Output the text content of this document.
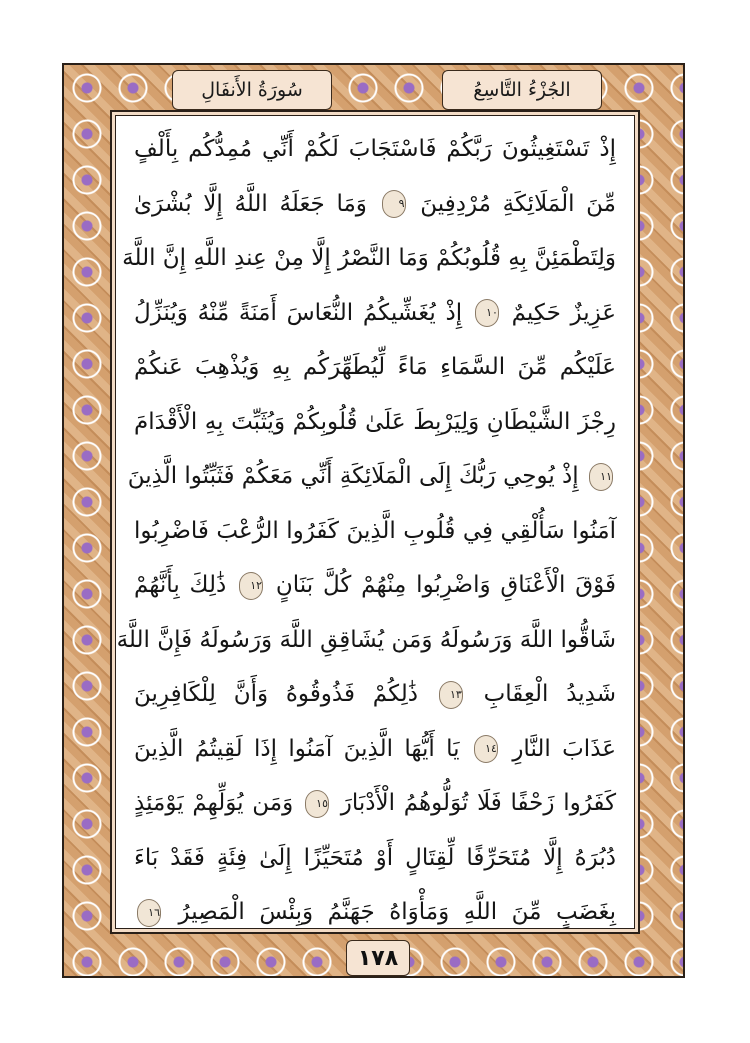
سُورَةُ الأَنفَالِ	الجُزْءُ التَّاسِعُ
إِذْ تَسْتَغِيثُونَ رَبَّكُمْ فَاسْتَجَابَ لَكُمْ أَنِّي مُمِدُّكُم بِأَلْفٍ
مِّنَ الْمَلَائِكَةِ مُرْدِفِينَ ٩ وَمَا جَعَلَهُ اللَّهُ إِلَّا بُشْرَىٰ
وَلِتَطْمَئِنَّ بِهِ قُلُوبُكُمْ وَمَا النَّصْرُ إِلَّا مِنْ عِندِ اللَّهِ إِنَّ اللَّهَ
عَزِيزٌ حَكِيمٌ ١٠ إِذْ يُغَشِّيكُمُ النُّعَاسَ أَمَنَةً مِّنْهُ وَيُنَزِّلُ
عَلَيْكُم مِّنَ السَّمَاءِ مَاءً لِّيُطَهِّرَكُم بِهِ وَيُذْهِبَ عَنكُمْ
رِجْزَ الشَّيْطَانِ وَلِيَرْبِطَ عَلَىٰ قُلُوبِكُمْ وَيُثَبِّتَ بِهِ الْأَقْدَامَ
١١ إِذْ يُوحِي رَبُّكَ إِلَى الْمَلَائِكَةِ أَنِّي مَعَكُمْ فَثَبِّتُوا الَّذِينَ
آمَنُوا سَأُلْقِي فِي قُلُوبِ الَّذِينَ كَفَرُوا الرُّعْبَ فَاضْرِبُوا
فَوْقَ الْأَعْنَاقِ وَاضْرِبُوا مِنْهُمْ كُلَّ بَنَانٍ ١٢ ذَٰلِكَ بِأَنَّهُمْ
شَاقُّوا اللَّهَ وَرَسُولَهُ وَمَن يُشَاقِقِ اللَّهَ وَرَسُولَهُ فَإِنَّ اللَّهَ
شَدِيدُ الْعِقَابِ ١٣ ذَٰلِكُمْ فَذُوقُوهُ وَأَنَّ لِلْكَافِرِينَ
عَذَابَ النَّارِ ١٤ يَا أَيُّهَا الَّذِينَ آمَنُوا إِذَا لَقِيتُمُ الَّذِينَ
كَفَرُوا زَحْفًا فَلَا تُوَلُّوهُمُ الْأَدْبَارَ ١٥ وَمَن يُوَلِّهِمْ يَوْمَئِذٍ
دُبُرَهُ إِلَّا مُتَحَرِّفًا لِّقِتَالٍ أَوْ مُتَحَيِّزًا إِلَىٰ فِئَةٍ فَقَدْ بَاءَ
بِغَضَبٍ مِّنَ اللَّهِ وَمَأْوَاهُ جَهَنَّمُ وَبِئْسَ الْمَصِيرُ ١٦
١٧٨
